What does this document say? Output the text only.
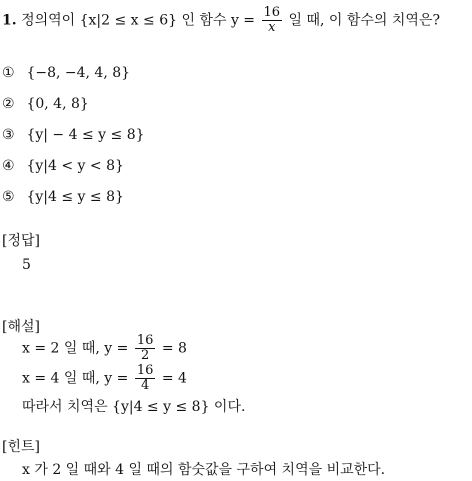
1. 정의역이 {x|2 ≤ x ≤ 6} 인 함수 $y = \frac{16}{x}$ 일 때, 이 함수의 치역은?
① {−8, −4, 4, 8}
② {0, 4, 8}
③ {y| − 4 ≤ y ≤ 8}
④ {y|4 < y < 8}
⑤ {y|4 ≤ y ≤ 8}
[정답]
5
[해설]
x = 2 일 때, $y = \frac{16}{2} = 8$
x = 4 일 때, $y = \frac{16}{4} = 4$
따라서 치역은 {y|4 ≤ y ≤ 8} 이다.
[힌트]
x 가 2 일 때와 4 일 때의 함숫값을 구하여 치역을 비교한다.
